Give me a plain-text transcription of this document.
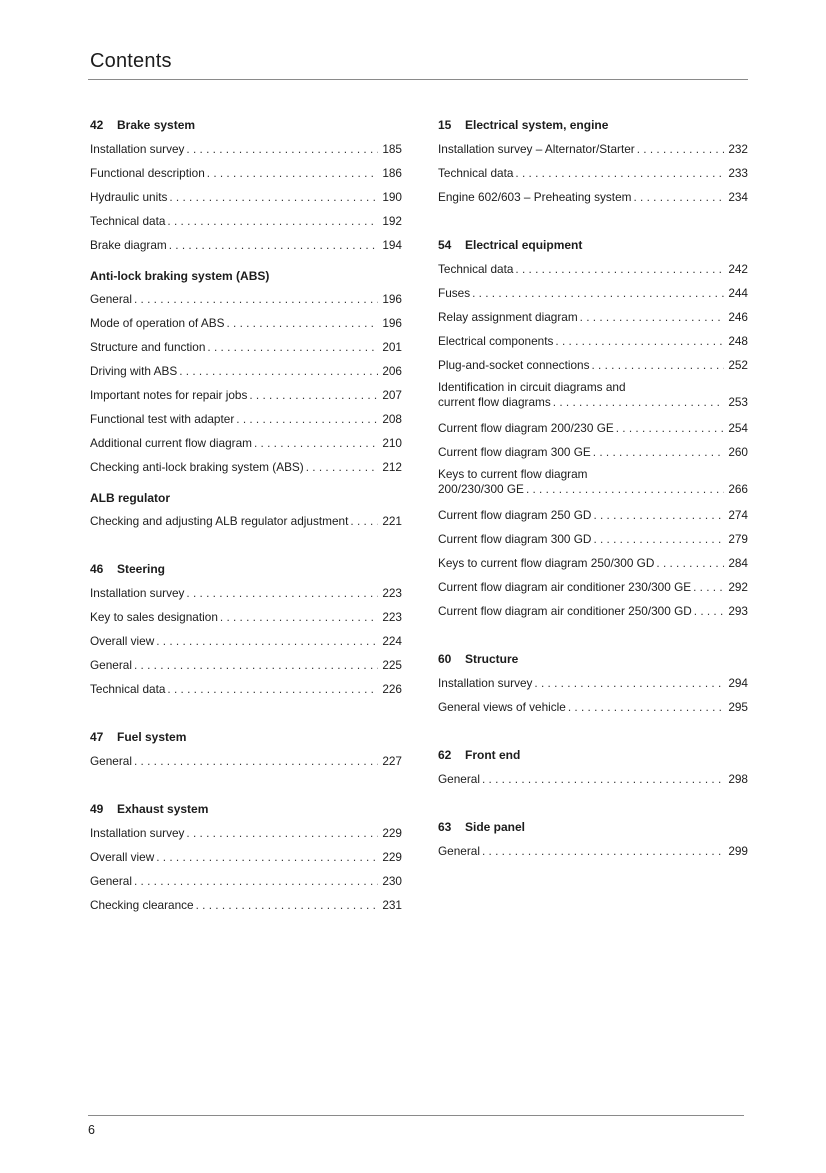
Contents
42 Brake system
Installation survey . . .	185
Functional description . . .	186
Hydraulic units . . .	190
Technical data . . .	192
Brake diagram . . .	194
Anti-lock braking system (ABS)
General . . .	196
Mode of operation of ABS . . .	196
Structure and function . . .	201
Driving with ABS . . .	206
Important notes for repair jobs . . .	207
Functional test with adapter . . .	208
Additional current flow diagram . . .	210
Checking anti-lock braking system (ABS) . . .	212
ALB regulator
Checking and adjusting ALB regulator adjustment . . .	221
46 Steering
Installation survey . . .	223
Key to sales designation . . .	223
Overall view . . .	224
General . . .	225
Technical data . . .	226
47 Fuel system
General . . .	227
49 Exhaust system
Installation survey . . .	229
Overall view . . .	229
General . . .	230
Checking clearance . . .	231
15 Electrical system, engine
Installation survey – Alternator/Starter . . .	232
Technical data . . .	233
Engine 602/603 – Preheating system . . .	234
54 Electrical equipment
Technical data . . .	242
Fuses . . .	244
Relay assignment diagram . . .	246
Electrical components . . .	248
Plug-and-socket connections . . .	252
Identification in circuit diagrams and
current flow diagrams . . .	253
Current flow diagram 200/230 GE . . .	254
Current flow diagram 300 GE . . .	260
Keys to current flow diagram
200/230/300 GE . . .	266
Current flow diagram 250 GD . . .	274
Current flow diagram 300 GD . . .	279
Keys to current flow diagram 250/300 GD . . .	284
Current flow diagram air conditioner 230/300 GE . . .	292
Current flow diagram air conditioner 250/300 GD . . .	293
60 Structure
Installation survey . . .	294
General views of vehicle . . .	295
62 Front end
General . . .	298
63 Side panel
General . . .	299
6
